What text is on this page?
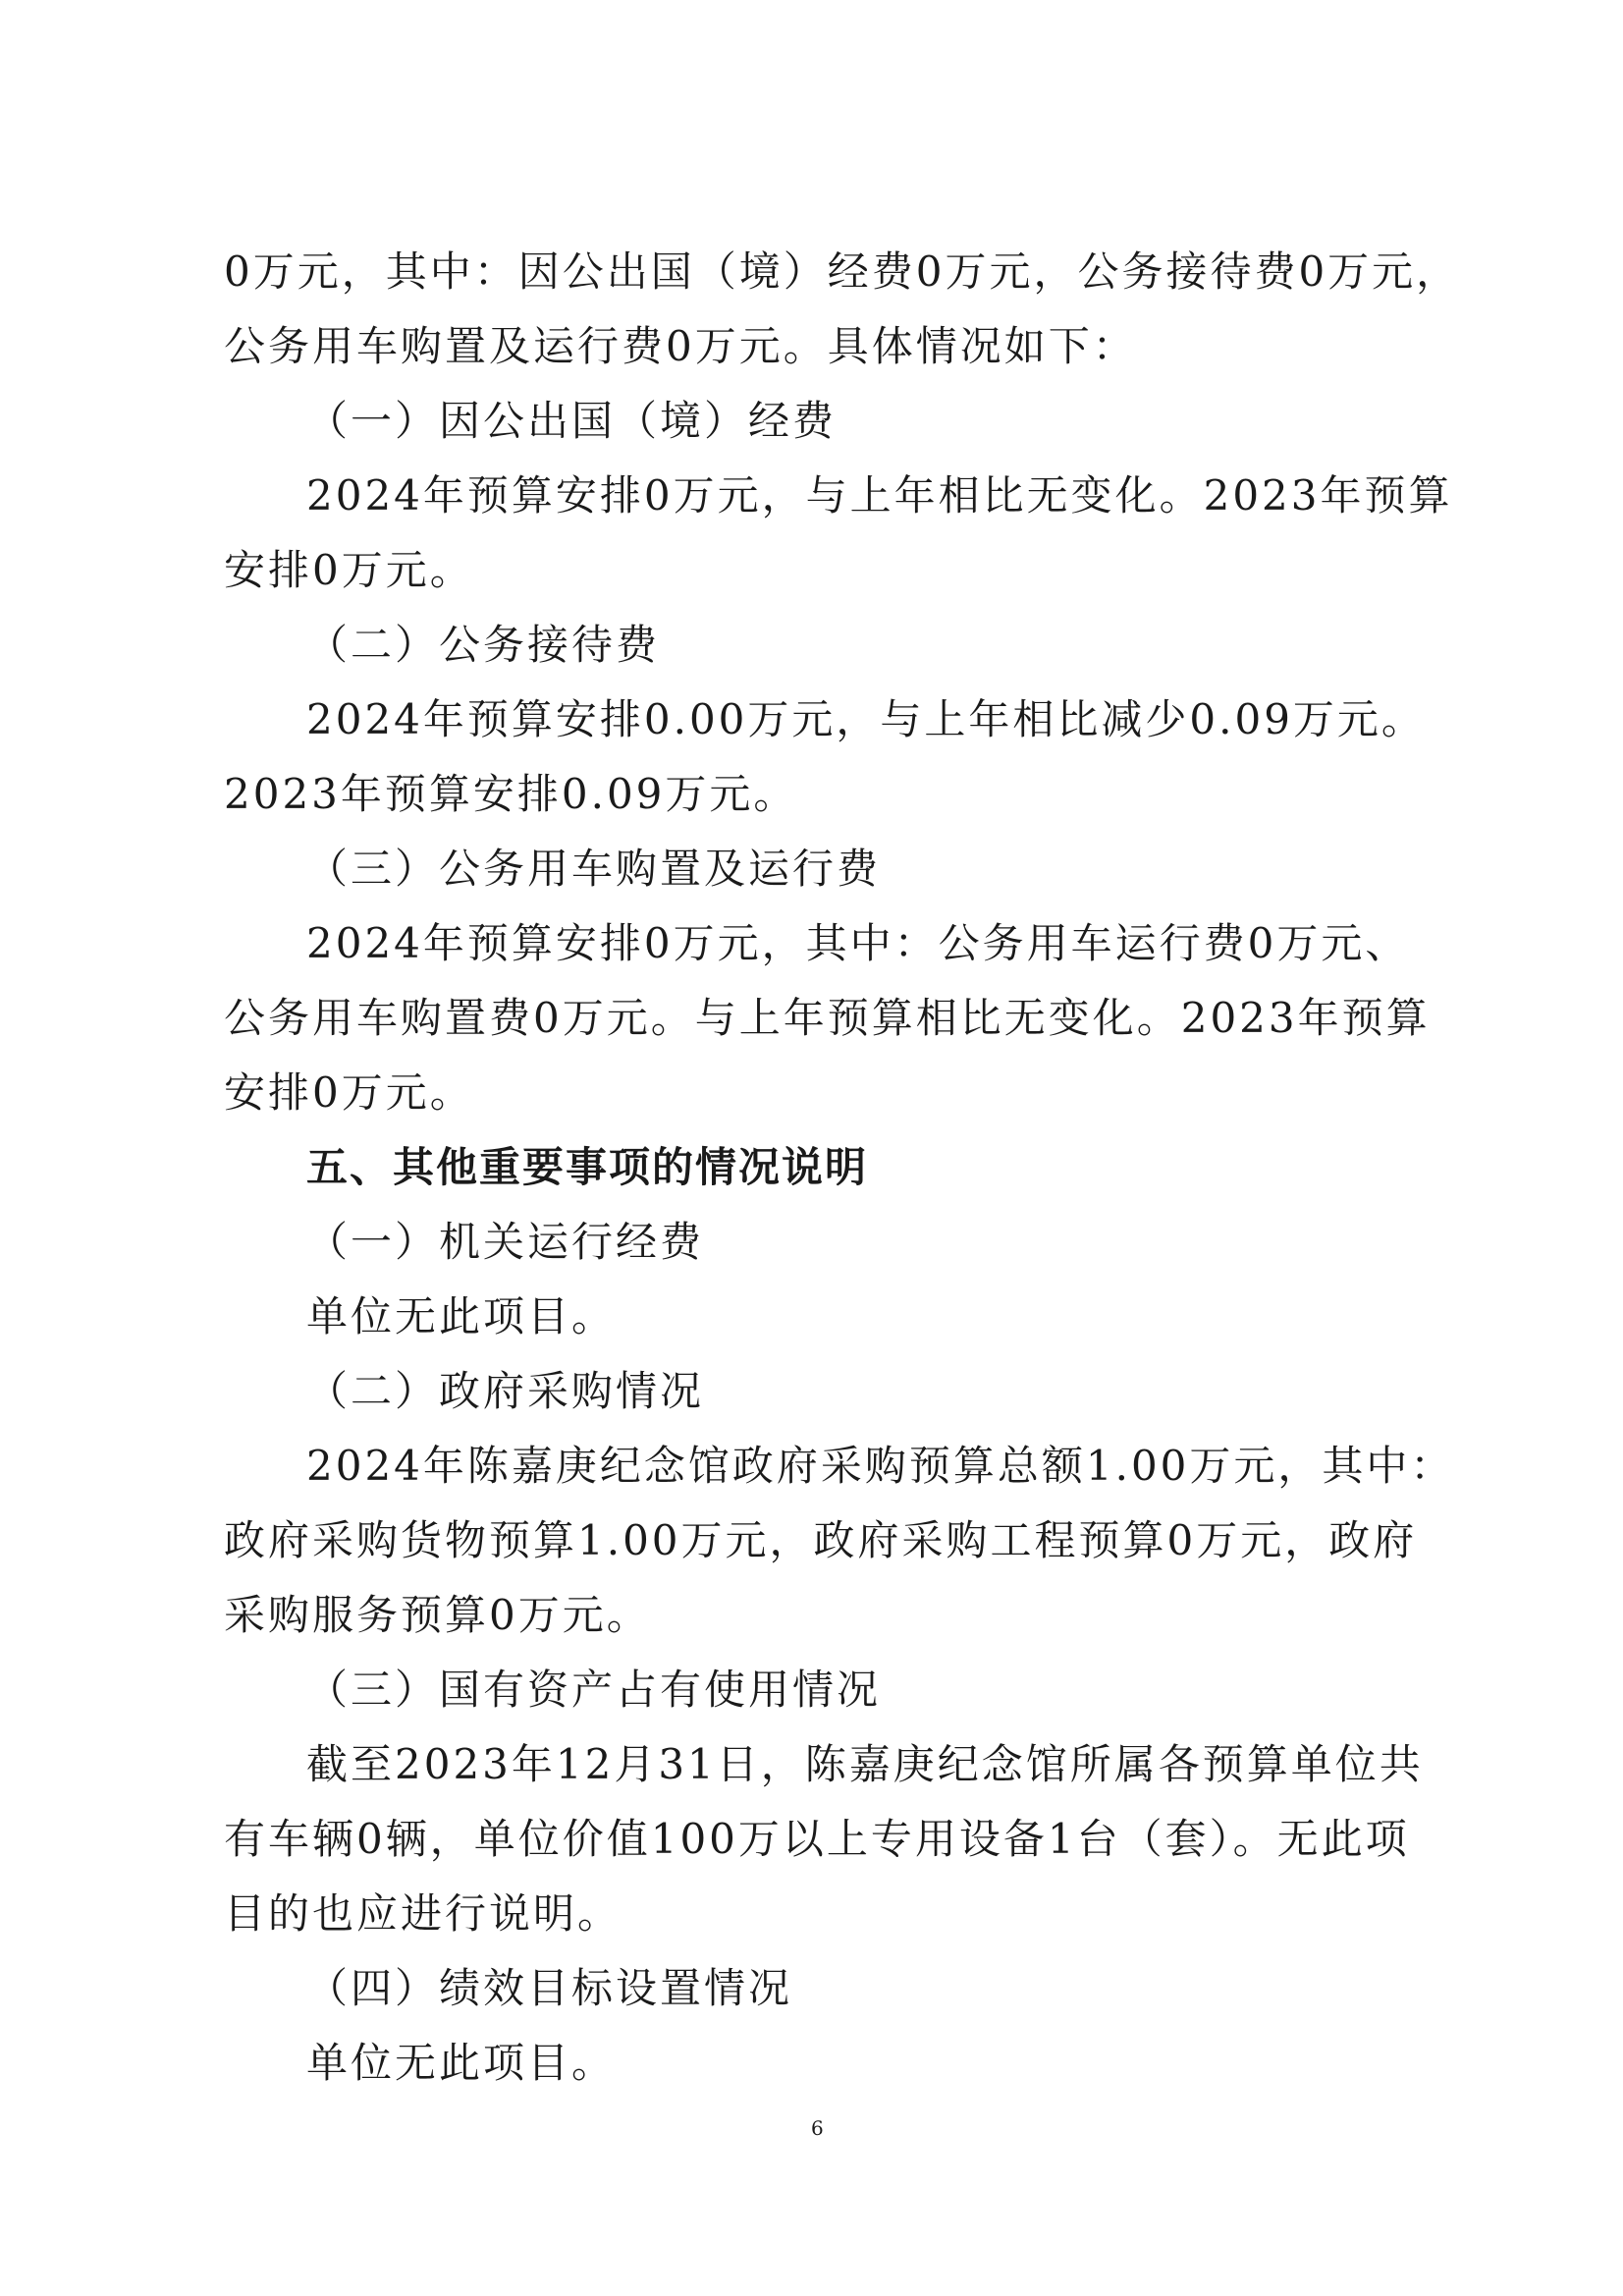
0万元，其中：因公出国（境）经费0万元，公务接待费0万元，
公务用车购置及运行费0万元。具体情况如下：
（一）因公出国（境）经费
2024年预算安排0万元，与上年相比无变化。2023年预算
安排0万元。
（二）公务接待费
2024年预算安排0.00万元，与上年相比减少0.09万元。
2023年预算安排0.09万元。
（三）公务用车购置及运行费
2024年预算安排0万元，其中：公务用车运行费0万元、
公务用车购置费0万元。与上年预算相比无变化。2023年预算
安排0万元。
五、其他重要事项的情况说明
（一）机关运行经费
单位无此项目。
（二）政府采购情况
2024年陈嘉庚纪念馆政府采购预算总额1.00万元，其中：
政府采购货物预算1.00万元，政府采购工程预算0万元，政府
采购服务预算0万元。
（三）国有资产占有使用情况
截至2023年12月31日，陈嘉庚纪念馆所属各预算单位共
有车辆0辆，单位价值100万以上专用设备1台（套）。无此项
目的也应进行说明。
（四）绩效目标设置情况
单位无此项目。
6
